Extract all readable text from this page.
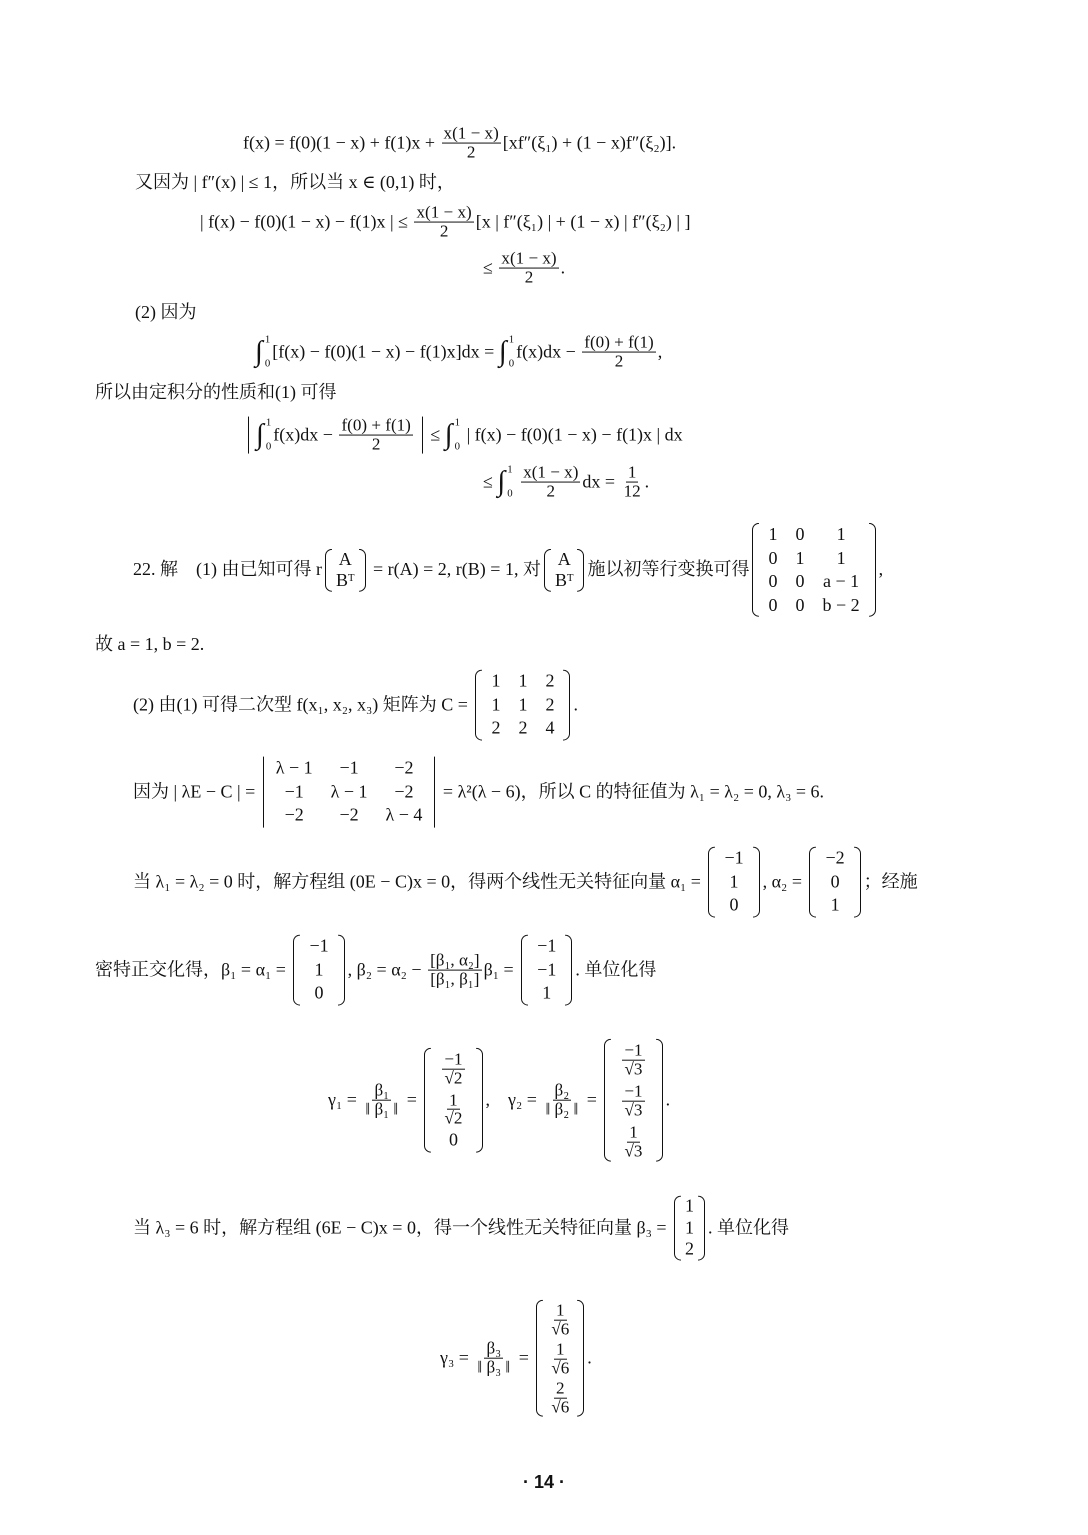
$f(x) = f(0)(1 - x) + f(1)x + \frac{x(1 - x)}{2} [xf''(\xi_1) + (1 - x)f''(\xi_2)]$.
又因为 | f″(x) | ≤ 1，所以当 x ∈ (0,1) 时，
| f(x) − f(0)(1 − x) − f(1)x | ≤ $\frac{x(1 - x)}{2} [x$ | f″(ξ₁) | + (1 − x) | f″(ξ₂) | ]
≤ $\frac{x(1 - x)}{2}$ .
(2) 因为
∫ 1
0
[f(x) − f(0)(1 − x) − f(1)x]dx = ∫ 1
0
$f(x)dx - \frac{f(0) + f(1)}{2}$ ,
所以由定积分的性质和(1) 可得
∫ 1
0
$f(x)dx - \frac{f(0) + f(1)}{2}$ ≤ ∫ 1
0
| f(x) − f(0)(1 − x) − f(1)x | dx
≤ ∫ 1
0
$\frac{x(1 - x)}{2}$ dx = $\frac{1}{12}$ .
22. 解　(1) 由已知可得 r
A

Bᵀ
= r(A) = 2, r(B) = 1, 对
A

Bᵀ
施以初等行变换可得
1	0	1

0	1	1

0	0	a − 1

0	0	b − 2
,
故 a = 1, b = 2.
(2) 由(1) 可得二次型 f(x₁, x₂, x₃) 矩阵为 C =
1	1	2

1	1	2

2	2	4
.
因为 | λE − C | =
λ − 1	−1	−2

−1	λ − 1	−2

−2	−2	λ − 4
= λ²(λ − 6)，所以 C 的特征值为 λ₁ = λ₂ = 0, λ₃ = 6.
当 λ₁ = λ₂ = 0 时，解方程组 (0E − C)x = 0，得两个线性无关特征向量 α₁ =
−1

1

0
, α₂ =
−2

0

1
；经施
密特正交化得，β₁ = α₁ =
−1

1

0
, $\beta_2 = \alpha_2 - \frac{\text{[β₁, α₂]}}{\text{[β₁, β₁]}} \beta_1$ =
−1

−1

1
. 单位化得
$\gamma_1 = \frac{\text{β₁}}{\text{‖ β₁ ‖}}$ =
$\frac{-1}{√2}$

$\frac{1}{√2}$

0
,　$\gamma_2 = \frac{\text{β₂}}{\text{‖ β₂ ‖}}$ =
$\frac{-1}{√3}$

$\frac{-1}{√3}$

$\frac{1}{√3}$
.
当 λ₃ = 6 时，解方程组 (6E − C)x = 0，得一个线性无关特征向量 β₃ =
1

1

2
. 单位化得
$\gamma_3 = \frac{\text{β₃}}{\text{‖ β₃ ‖}}$ =
$\frac{1}{√6}$

$\frac{1}{√6}$

$\frac{2}{√6}$
.
· 14 ·
